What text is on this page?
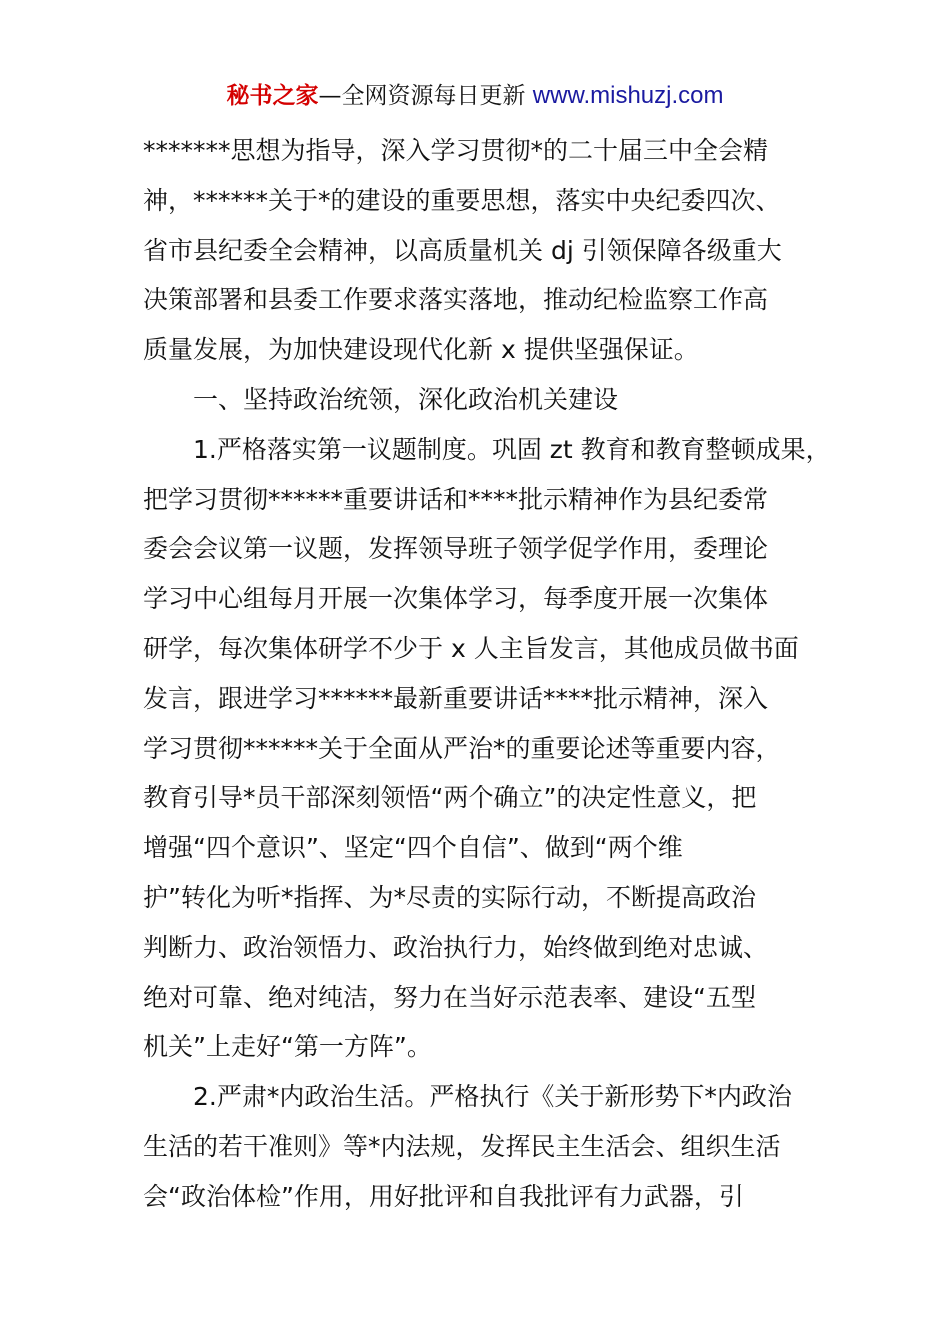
秘书之家—全网资源每日更新 www.mishuzj.com
*******思想为指导，深入学习贯彻*的二十届三中全会精
神，******关于*的建设的重要思想，落实中央纪委四次、
省市县纪委全会精神，以高质量机关 dj 引领保障各级重大
决策部署和县委工作要求落实落地，推动纪检监察工作高
质量发展，为加快建设现代化新 x 提供坚强保证。
一、坚持政治统领，深化政治机关建设
1.严格落实第一议题制度。巩固 zt 教育和教育整顿成果，
把学习贯彻******重要讲话和****批示精神作为县纪委常
委会会议第一议题，发挥领导班子领学促学作用，委理论
学习中心组每月开展一次集体学习，每季度开展一次集体
研学，每次集体研学不少于 x 人主旨发言，其他成员做书面
发言，跟进学习******最新重要讲话****批示精神，深入
学习贯彻******关于全面从严治*的重要论述等重要内容，
教育引导*员干部深刻领悟“两个确立”的决定性意义，把
增强“四个意识”、坚定“四个自信”、做到“两个维
护”转化为听*指挥、为*尽责的实际行动，不断提高政治
判断力、政治领悟力、政治执行力，始终做到绝对忠诚、
绝对可靠、绝对纯洁，努力在当好示范表率、建设“五型
机关”上走好“第一方阵”。
2.严肃*内政治生活。严格执行《关于新形势下*内政治
生活的若干准则》等*内法规，发挥民主生活会、组织生活
会“政治体检”作用，用好批评和自我批评有力武器，引
